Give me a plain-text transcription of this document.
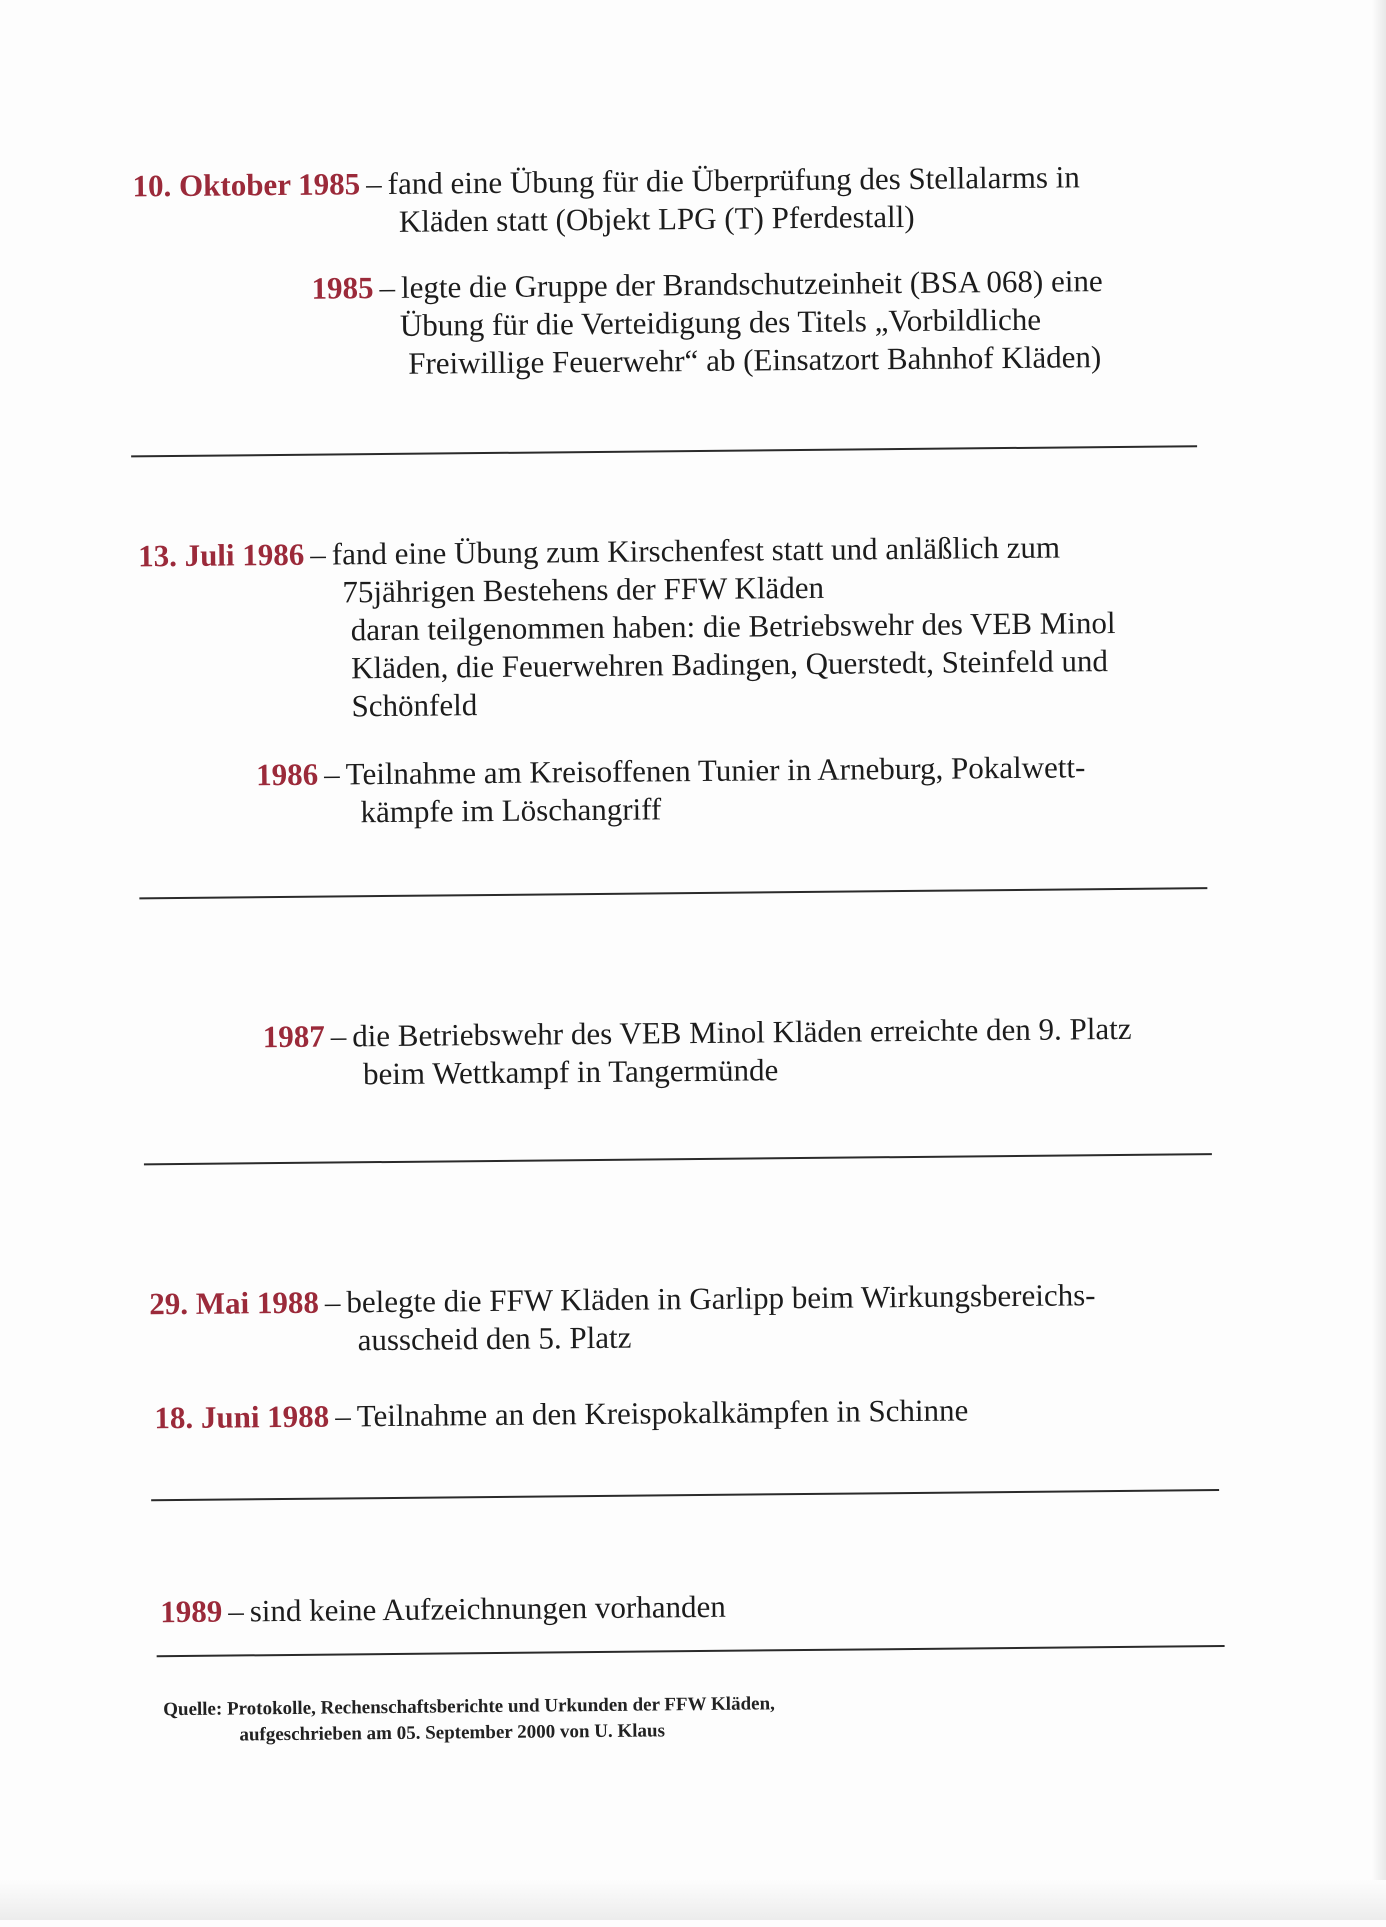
10. Oktober 1985 – fand eine Übung für die Überprüfung des Stellalarms in
Kläden statt (Objekt LPG (T) Pferdestall)
1985 – legte die Gruppe der Brandschutzeinheit (BSA 068) eine
Übung für die Verteidigung des Titels „Vorbildliche
Freiwillige Feuerwehr“ ab (Einsatzort Bahnhof Kläden)
13. Juli 1986 – fand eine Übung zum Kirschenfest statt und anläßlich zum
75jährigen Bestehens der FFW Kläden
daran teilgenommen haben: die Betriebswehr des VEB Minol
Kläden, die Feuerwehren Badingen, Querstedt, Steinfeld und
Schönfeld
1986 – Teilnahme am Kreisoffenen Tunier in Arneburg, Pokalwett-
kämpfe im Löschangriff
1987 – die Betriebswehr des VEB Minol Kläden erreichte den 9. Platz
beim Wettkampf in Tangermünde
29. Mai 1988 – belegte die FFW Kläden in Garlipp beim Wirkungsbereichs-
ausscheid den 5. Platz
18. Juni 1988 – Teilnahme an den Kreispokalkämpfen in Schinne
1989 – sind keine Aufzeichnungen vorhanden
Quelle: Protokolle, Rechenschaftsberichte und Urkunden der FFW Kläden,
aufgeschrieben am 05. September 2000 von U. Klaus
